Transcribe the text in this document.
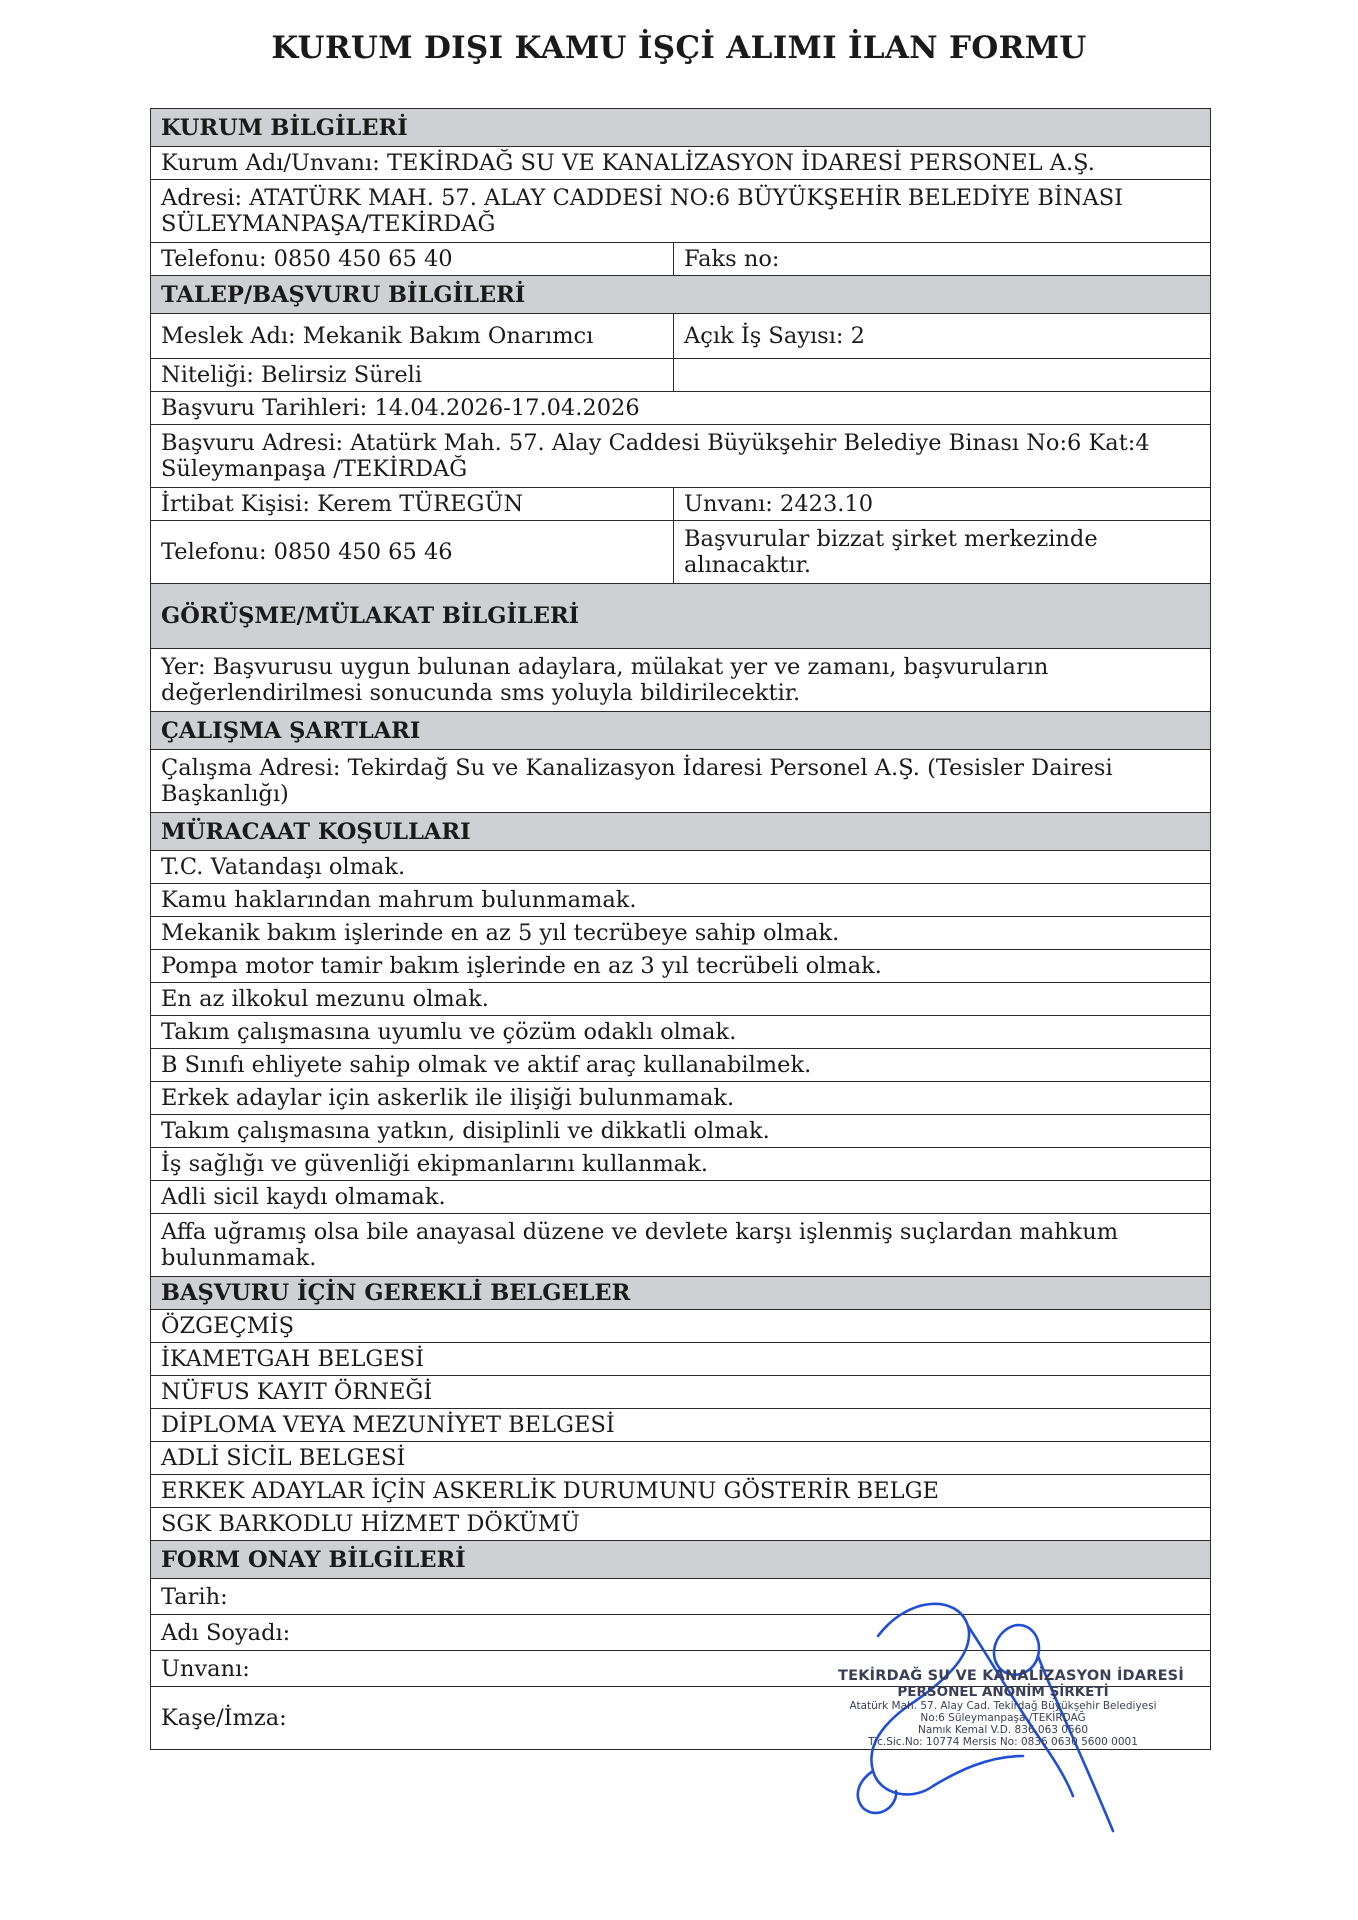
KURUM DIŞI KAMU İŞÇİ ALIMI İLAN FORMU
KURUM BİLGİLERİ	
Kurum Adı/Unvanı: TEKİRDAĞ SU VE KANALİZASYON İDARESİ PERSONEL A.Ş.	
Adresi: ATATÜRK MAH. 57. ALAY CADDESİ NO:6 BÜYÜKŞEHİR BELEDİYE BİNASI SÜLEYMANPAŞA/TEKİRDAĞ	
Telefonu: 0850 450 65 40	Faks no:
TALEP/BAŞVURU BİLGİLERİ	
Meslek Adı: Mekanik Bakım Onarımcı	Açık İş Sayısı: 2
Niteliği: Belirsiz Süreli	
Başvuru Tarihleri: 14.04.2026-17.04.2026	
Başvuru Adresi: Atatürk Mah. 57. Alay Caddesi Büyükşehir Belediye Binası No:6 Kat:4 Süleymanpaşa /TEKİRDAĞ	
İrtibat Kişisi: Kerem TÜREGÜN	Unvanı: 2423.10
Telefonu: 0850 450 65 46	Başvurular bizzat şirket merkezinde alınacaktır.
GÖRÜŞME/MÜLAKAT BİLGİLERİ	
Yer: Başvurusu uygun bulunan adaylara, mülakat yer ve zamanı, başvuruların değerlendirilmesi sonucunda sms yoluyla bildirilecektir.	
ÇALIŞMA ŞARTLARI	
Çalışma Adresi: Tekirdağ Su ve Kanalizasyon İdaresi Personel A.Ş. (Tesisler Dairesi Başkanlığı)	
MÜRACAAT KOŞULLARI	
T.C. Vatandaşı olmak.	
Kamu haklarından mahrum bulunmamak.	
Mekanik bakım işlerinde en az 5 yıl tecrübeye sahip olmak.	
Pompa motor tamir bakım işlerinde en az 3 yıl tecrübeli olmak.	
En az ilkokul mezunu olmak.	
Takım çalışmasına uyumlu ve çözüm odaklı olmak.	
B Sınıfı ehliyete sahip olmak ve aktif araç kullanabilmek.	
Erkek adaylar için askerlik ile ilişiği bulunmamak.	
Takım çalışmasına yatkın, disiplinli ve dikkatli olmak.	
İş sağlığı ve güvenliği ekipmanlarını kullanmak.	
Adli sicil kaydı olmamak.	
Affa uğramış olsa bile anayasal düzene ve devlete karşı işlenmiş suçlardan mahkum bulunmamak.	
BAŞVURU İÇİN GEREKLİ BELGELER	
ÖZGEÇMİŞ	
İKAMETGAH BELGESİ	
NÜFUS KAYIT ÖRNEĞİ	
DİPLOMA VEYA MEZUNİYET BELGESİ	
ADLİ SİCİL BELGESİ	
ERKEK ADAYLAR İÇİN ASKERLİK DURUMUNU GÖSTERİR BELGE	
SGK BARKODLU HİZMET DÖKÜMÜ	
FORM ONAY BİLGİLERİ	
Tarih:	
Adı Soyadı:	
Unvanı:	
Kaşe/İmza:	
TEKİRDAĞ SU VE KANALİZASYON İDARESİ
PERSONEL ANONİM ŞİRKETİ
Atatürk Mah. 57. Alay Cad. Tekirdağ Büyükşehir Belediyesi
No:6 Süleymanpaşa /TEKİRDAĞ
Namık Kemal V.D. 836 063 0560
Tic.Sic.No: 10774 Mersis No: 0836 0630 5600 0001
